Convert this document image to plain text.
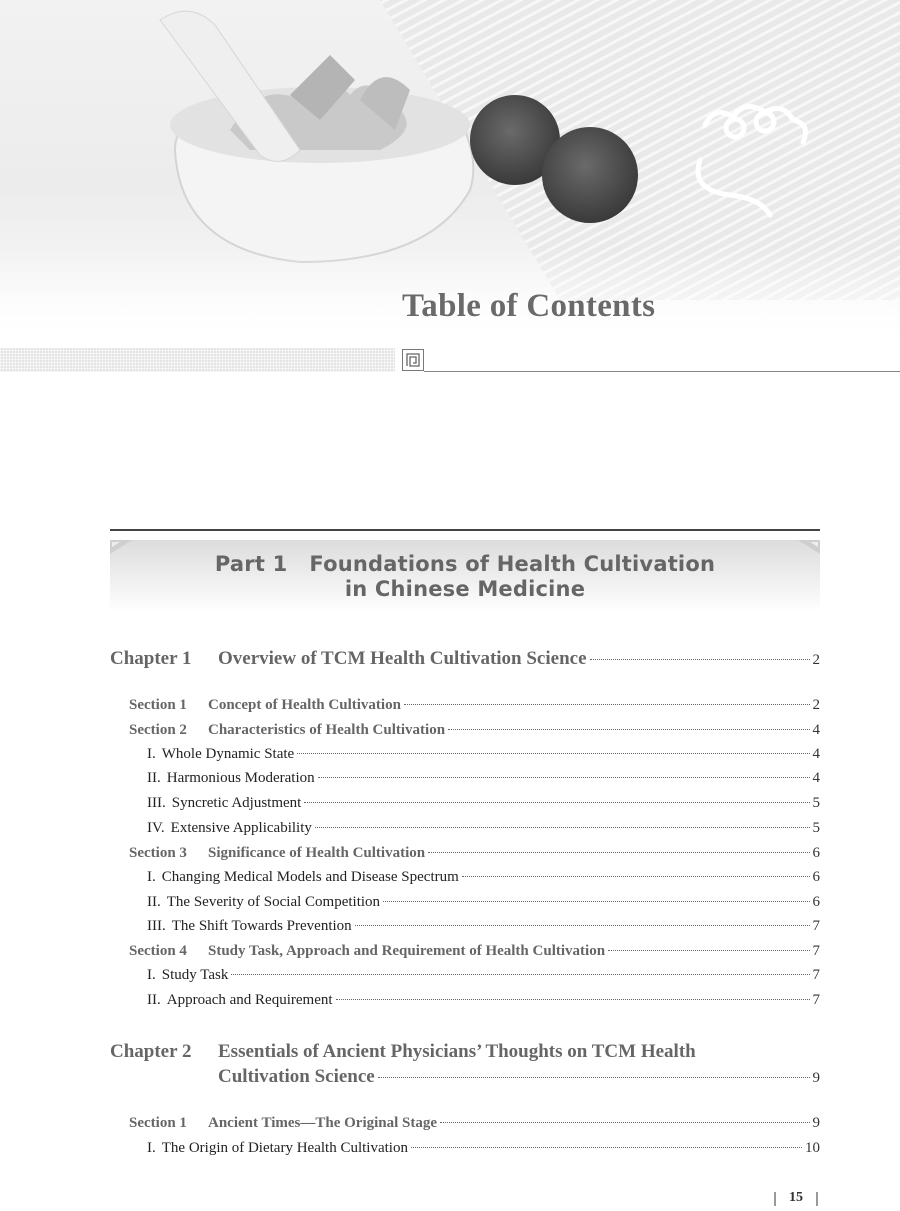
Table of Contents
Part 1 Foundations of Health Cultivation
in Chinese Medicine
Chapter 1 Overview of TCM Health Cultivation Science	2
Section 1 Concept of Health Cultivation	2
Section 2 Characteristics of Health Cultivation	4
I. Whole Dynamic State	4
II. Harmonious Moderation	4
III. Syncretic Adjustment	5
IV. Extensive Applicability	5
Section 3 Significance of Health Cultivation	6
I. Changing Medical Models and Disease Spectrum	6
II. The Severity of Social Competition	6
III. The Shift Towards Prevention	7
Section 4 Study Task, Approach and Requirement of Health Cultivation	7
I. Study Task	7
II. Approach and Requirement	7
Chapter 2 Essentials of Ancient Physicians’ Thoughts on TCM Health
Cultivation Science	9
Section 1 Ancient Times—The Original Stage	9
I. The Origin of Dietary Health Cultivation	10
15
